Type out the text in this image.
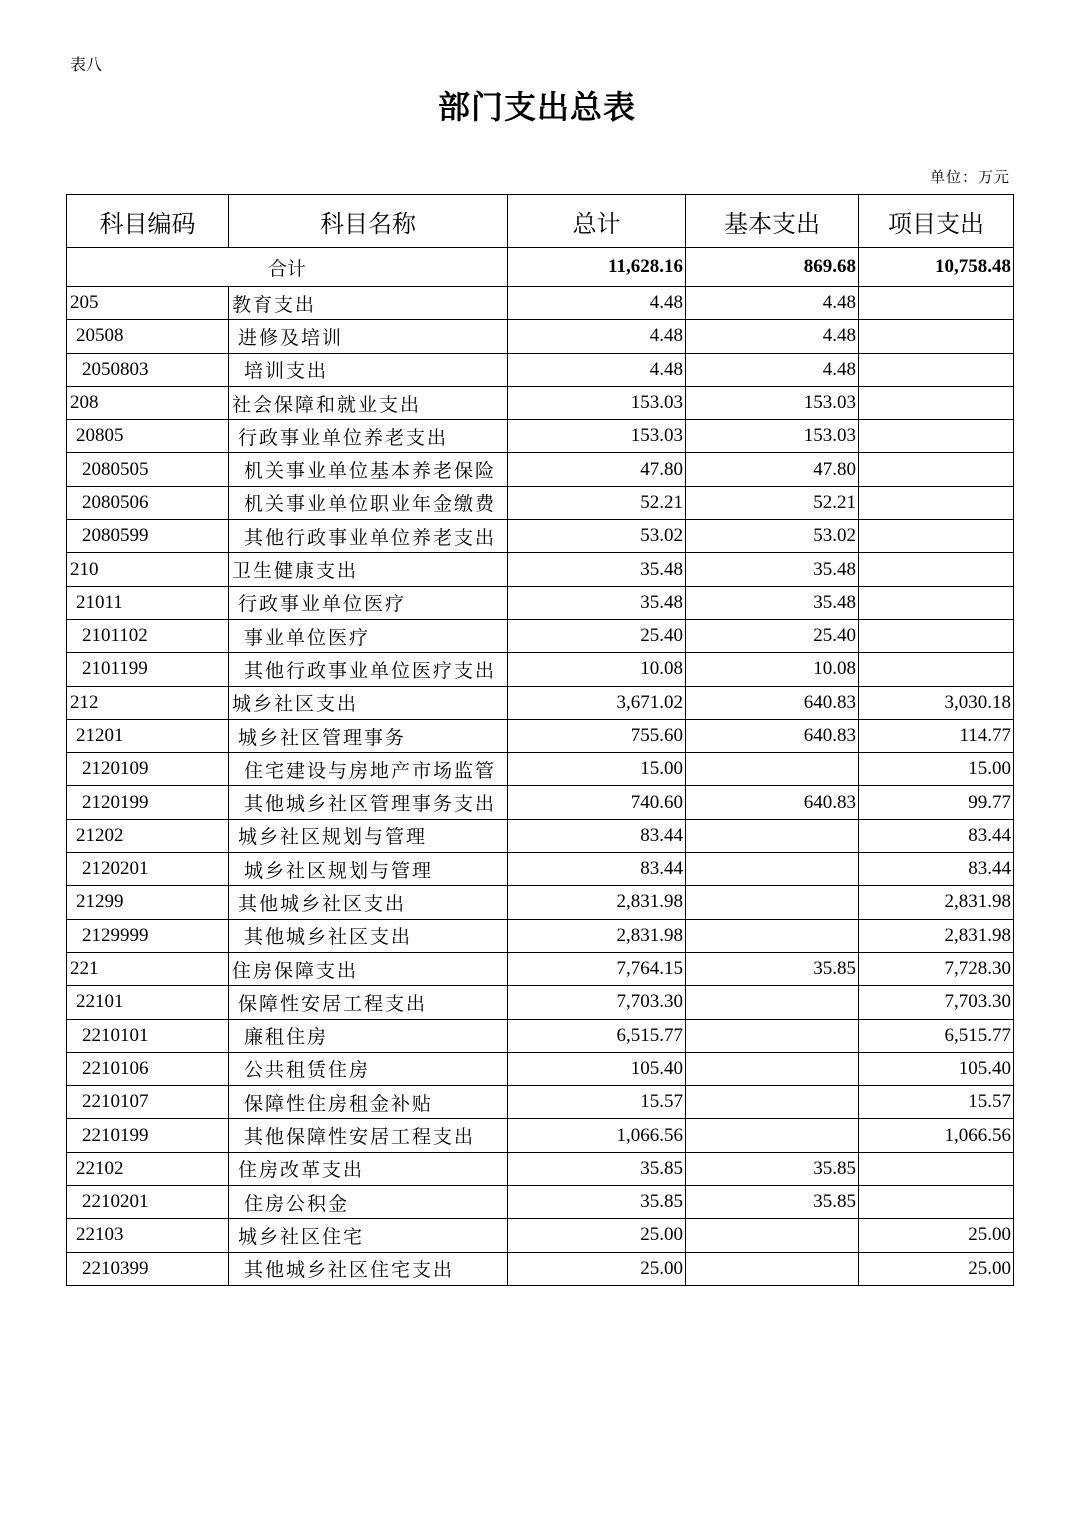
表八
部门支出总表
单位：万元
科目编码	科目名称	总计	基本支出	项目支出
合计		11,628.16	869.68	10,758.48
205	教育支出	4.48	4.48	
20508	进修及培训	4.48	4.48	
2050803	培训支出	4.48	4.48	
208	社会保障和就业支出	153.03	153.03	
20805	行政事业单位养老支出	153.03	153.03	
2080505	机关事业单位基本养老保险	47.80	47.80	
2080506	机关事业单位职业年金缴费	52.21	52.21	
2080599	其他行政事业单位养老支出	53.02	53.02	
210	卫生健康支出	35.48	35.48	
21011	行政事业单位医疗	35.48	35.48	
2101102	事业单位医疗	25.40	25.40	
2101199	其他行政事业单位医疗支出	10.08	10.08	
212	城乡社区支出	3,671.02	640.83	3,030.18
21201	城乡社区管理事务	755.60	640.83	114.77
2120109	住宅建设与房地产市场监管	15.00		15.00
2120199	其他城乡社区管理事务支出	740.60	640.83	99.77
21202	城乡社区规划与管理	83.44		83.44
2120201	城乡社区规划与管理	83.44		83.44
21299	其他城乡社区支出	2,831.98		2,831.98
2129999	其他城乡社区支出	2,831.98		2,831.98
221	住房保障支出	7,764.15	35.85	7,728.30
22101	保障性安居工程支出	7,703.30		7,703.30
2210101	廉租住房	6,515.77		6,515.77
2210106	公共租赁住房	105.40		105.40
2210107	保障性住房租金补贴	15.57		15.57
2210199	其他保障性安居工程支出	1,066.56		1,066.56
22102	住房改革支出	35.85	35.85	
2210201	住房公积金	35.85	35.85	
22103	城乡社区住宅	25.00		25.00
2210399	其他城乡社区住宅支出	25.00		25.00
